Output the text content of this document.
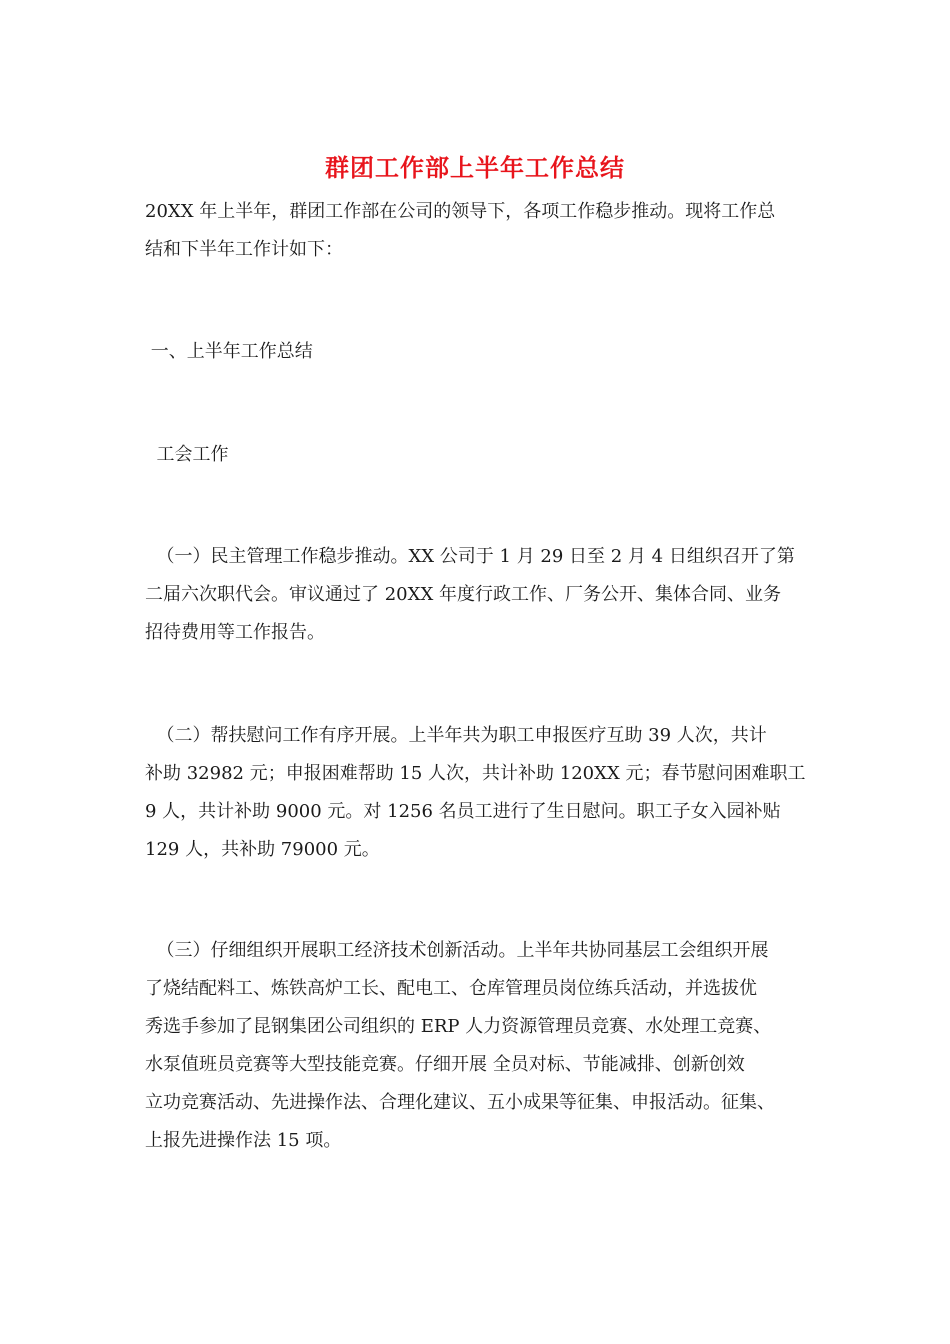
群团工作部上半年工作总结

20XX 年上半年，群团工作部在公司的领导下，各项工作稳步推动。现将工作总
结和下半年工作计如下：

一、上半年工作总结

工会工作

（一）民主管理工作稳步推动。XX 公司于 1 月 29 日至 2 月 4 日组织召开了第
二届六次职代会。审议通过了 20XX 年度行政工作、厂务公开、集体合同、业务
招待费用等工作报告。

（二）帮扶慰问工作有序开展。上半年共为职工申报医疗互助 39 人次，共计
补助 32982 元；申报困难帮助 15 人次，共计补助 120XX 元；春节慰问困难职工
9 人，共计补助 9000 元。对 1256 名员工进行了生日慰问。职工子女入园补贴
129 人，共补助 79000 元。

（三）仔细组织开展职工经济技术创新活动。上半年共协同基层工会组织开展
了烧结配料工、炼铁高炉工长、配电工、仓库管理员岗位练兵活动，并选拔优
秀选手参加了昆钢集团公司组织的 ERP 人力资源管理员竞赛、水处理工竞赛、
水泵值班员竞赛等大型技能竞赛。仔细开展 全员对标、节能减排、创新创效
立功竞赛活动、先进操作法、合理化建议、五小成果等征集、申报活动。征集、
上报先进操作法 15 项。
